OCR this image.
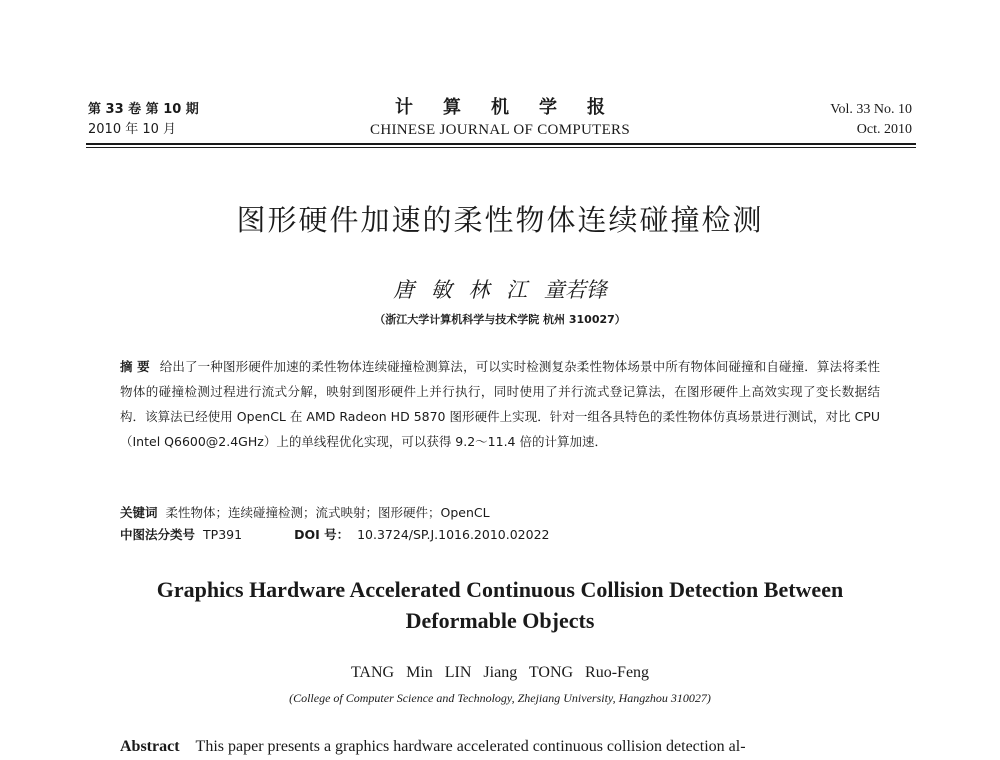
第 33 卷 第 10 期
2010 年 10 月
计算机学报
CHINESE JOURNAL OF COMPUTERS
Vol. 33 No. 10
Oct. 2010
图形硬件加速的柔性物体连续碰撞检测
唐 敏 林 江 童若锋
（浙江大学计算机科学与技术学院 杭州 310027）
摘 要 给出了一种图形硬件加速的柔性物体连续碰撞检测算法，可以实时检测复杂柔性物体场景中所有物体间碰撞和自碰撞．算法将柔性物体的碰撞检测过程进行流式分解，映射到图形硬件上并行执行，同时使用了并行流式登记算法，在图形硬件上高效实现了变长数据结构．该算法已经使用 OpenCL 在 AMD Radeon HD 5870 图形硬件上实现．针对一组各具特色的柔性物体仿真场景进行测试，对比 CPU（Intel Q6600@2.4GHz）上的单线程优化实现，可以获得 9.2～11.4 倍的计算加速．
关键词 柔性物体；连续碰撞检测；流式映射；图形硬件；OpenCL
中图法分类号 TP391	DOI 号： 10.3724/SP.J.1016.2010.02022
Graphics Hardware Accelerated Continuous Collision Detection Between
Deformable Objects
TANG Min LIN Jiang TONG Ruo-Feng
(College of Computer Science and Technology, Zhejiang University, Hangzhou 310027)
Abstract This paper presents a graphics hardware accelerated continuous collision detection al-
